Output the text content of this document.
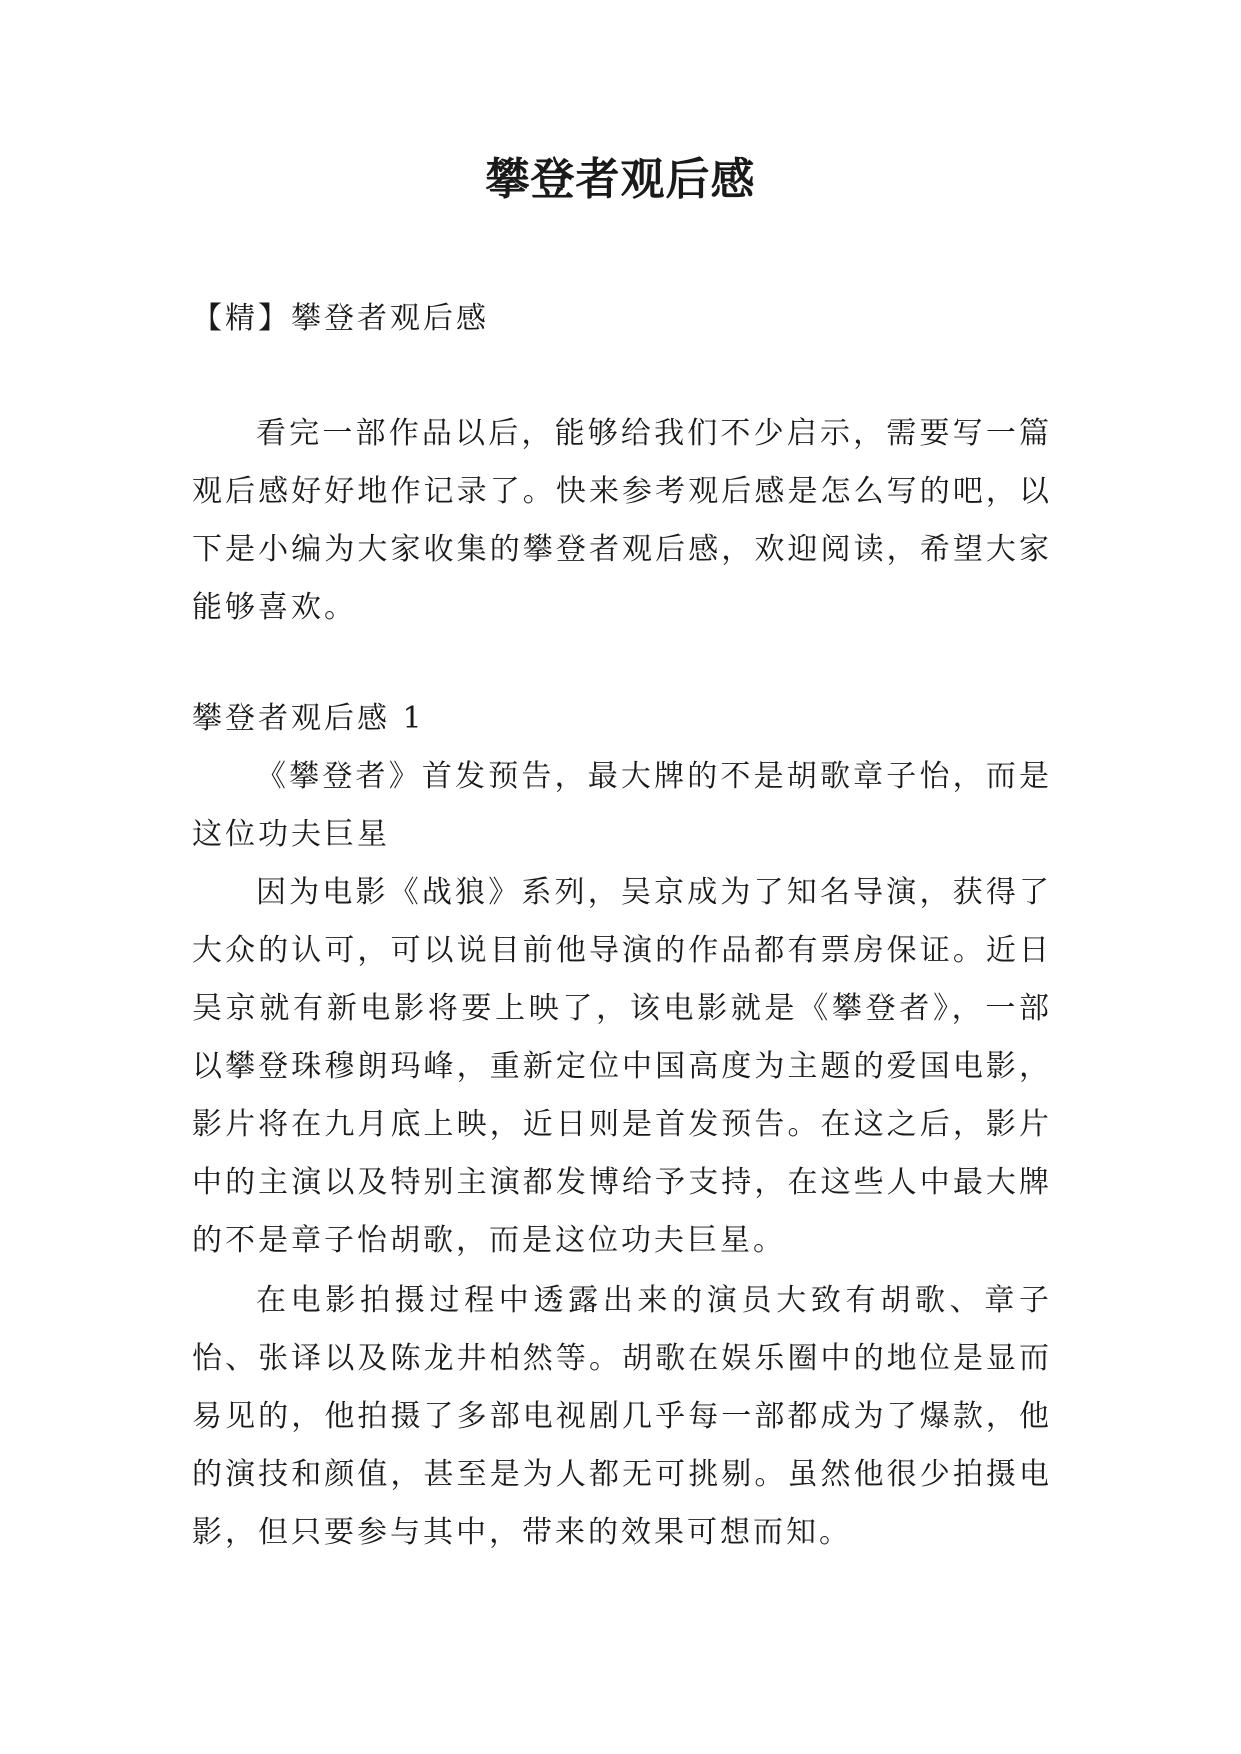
攀登者观后感
【精】攀登者观后感

看完一部作品以后，能够给我们不少启示，需要写一篇观后感好好地作记录了。快来参考观后感是怎么写的吧，以下是小编为大家收集的攀登者观后感，欢迎阅读，希望大家能够喜欢。

攀登者观后感 1

《攀登者》首发预告，最大牌的不是胡歌章子怡，而是这位功夫巨星

因为电影《战狼》系列，吴京成为了知名导演，获得了大众的认可，可以说目前他导演的作品都有票房保证。近日吴京就有新电影将要上映了，该电影就是《攀登者》，一部以攀登珠穆朗玛峰，重新定位中国高度为主题的爱国电影，影片将在九月底上映，近日则是首发预告。在这之后，影片中的主演以及特别主演都发博给予支持，在这些人中最大牌的不是章子怡胡歌，而是这位功夫巨星。

在电影拍摄过程中透露出来的演员大致有胡歌、章子怡、张译以及陈龙井柏然等。胡歌在娱乐圈中的地位是显而易见的，他拍摄了多部电视剧几乎每一部都成为了爆款，他的演技和颜值，甚至是为人都无可挑剔。虽然他很少拍摄电影，但只要参与其中，带来的效果可想而知。
